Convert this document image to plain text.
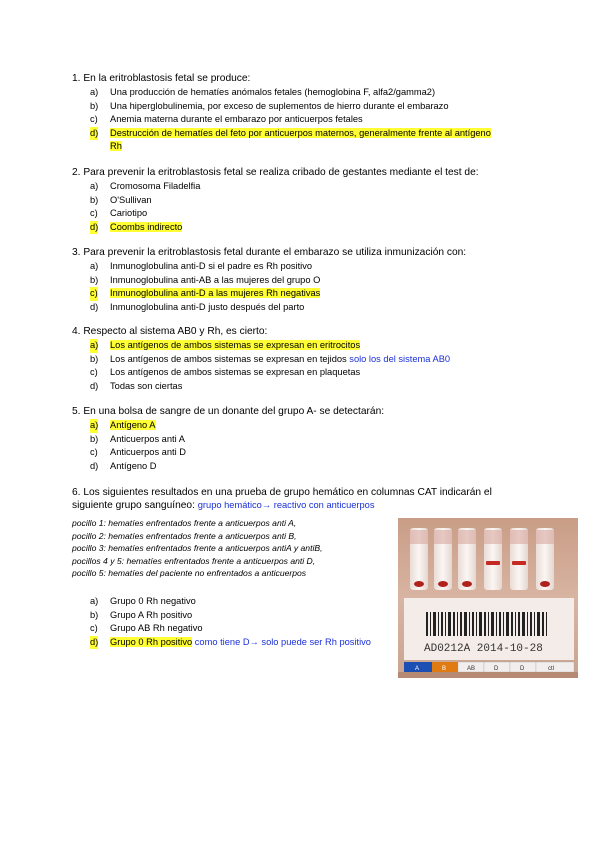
1. En la eritroblastosis fetal se produce:

a) Una producción de hematíes anómalos fetales (hemoglobina F, alfa2/gamma2)
b) Una hiperglobulinemia, por exceso de suplementos de hierro durante el embarazo
c) Anemia materna durante el embarazo por anticuerpos fetales
d) Destrucción de hematíes del feto por anticuerpos maternos, generalmente frente al antígeno
Rh

2. Para prevenir la eritroblastosis fetal se realiza cribado de gestantes mediante el test de:

a) Cromosoma Filadelfia
b) O'Sullivan
c) Cariotipo
d) Coombs indirecto

3. Para prevenir la eritroblastosis fetal durante el embarazo se utiliza inmunización con:

a) Inmunoglobulina anti-D si el padre es Rh positivo
b) Inmunoglobulina anti-AB a las mujeres del grupo O
c) Inmunoglobulina anti-D a las mujeres Rh negativas
d) Inmunoglobulina anti-D justo después del parto

4. Respecto al sistema AB0 y Rh, es cierto:

a) Los antígenos de ambos sistemas se expresan en eritrocitos
b) Los antígenos de ambos sistemas se expresan en tejidos solo los del sistema AB0
c) Los antígenos de ambos sistemas se expresan en plaquetas
d) Todas son ciertas

5. En una bolsa de sangre de un donante del grupo A- se detectarán:

a) Antígeno A
b) Anticuerpos anti A
c) Anticuerpos anti D
d) Antígeno D

6. Los siguientes resultados en una prueba de grupo hemático en columnas CAT indicarán el
siguiente grupo sanguíneo: grupo hemático→ reactivo con anticuerpos

pocillo 1: hematíes enfrentados frente a anticuerpos anti A,
pocillo 2: hematíes enfrentados frente a anticuerpos anti B,
pocillo 3: hematíes enfrentados frente a anticuerpos antiA y antiB,
pocillos 4 y 5: hematíes enfrentados frente a anticuerpos anti D,
pocillo 5: hematíes del paciente no enfrentados a anticuerpos
a) Grupo 0 Rh negativo
b) Grupo A Rh positivo
c) Grupo AB Rh negativo
d) Grupo 0 Rh positivo como tiene D→ solo puede ser Rh positivo
AD0212A 2014-10-28
A	B	AB	D	D	ctl
